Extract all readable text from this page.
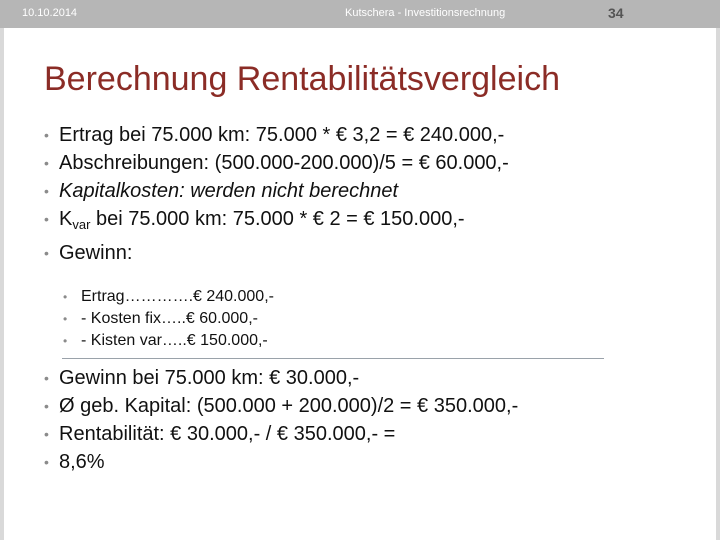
10.10.2014	Kutschera - Investitionsrechnung	34
Berechnung Rentabilitätsvergleich
• Ertrag bei 75.000 km: 75.000 * € 3,2 = € 240.000,-
• Abschreibungen: (500.000-200.000)/5 = € 60.000,-
• Kapitalkosten: werden nicht berechnet
• $K_{var}$ bei 75.000 km: 75.000 * € 2 = € 150.000,-
• Gewinn:
• Ertrag………….€ 240.000,-
• - Kosten fix…..€ 60.000,-
• - Kisten var…..€ 150.000,-
• Gewinn bei 75.000 km: € 30.000,-
• Ø geb. Kapital: (500.000 + 200.000)/2 = € 350.000,-
• Rentabilität: € 30.000,- / € 350.000,- =
• 8,6%
